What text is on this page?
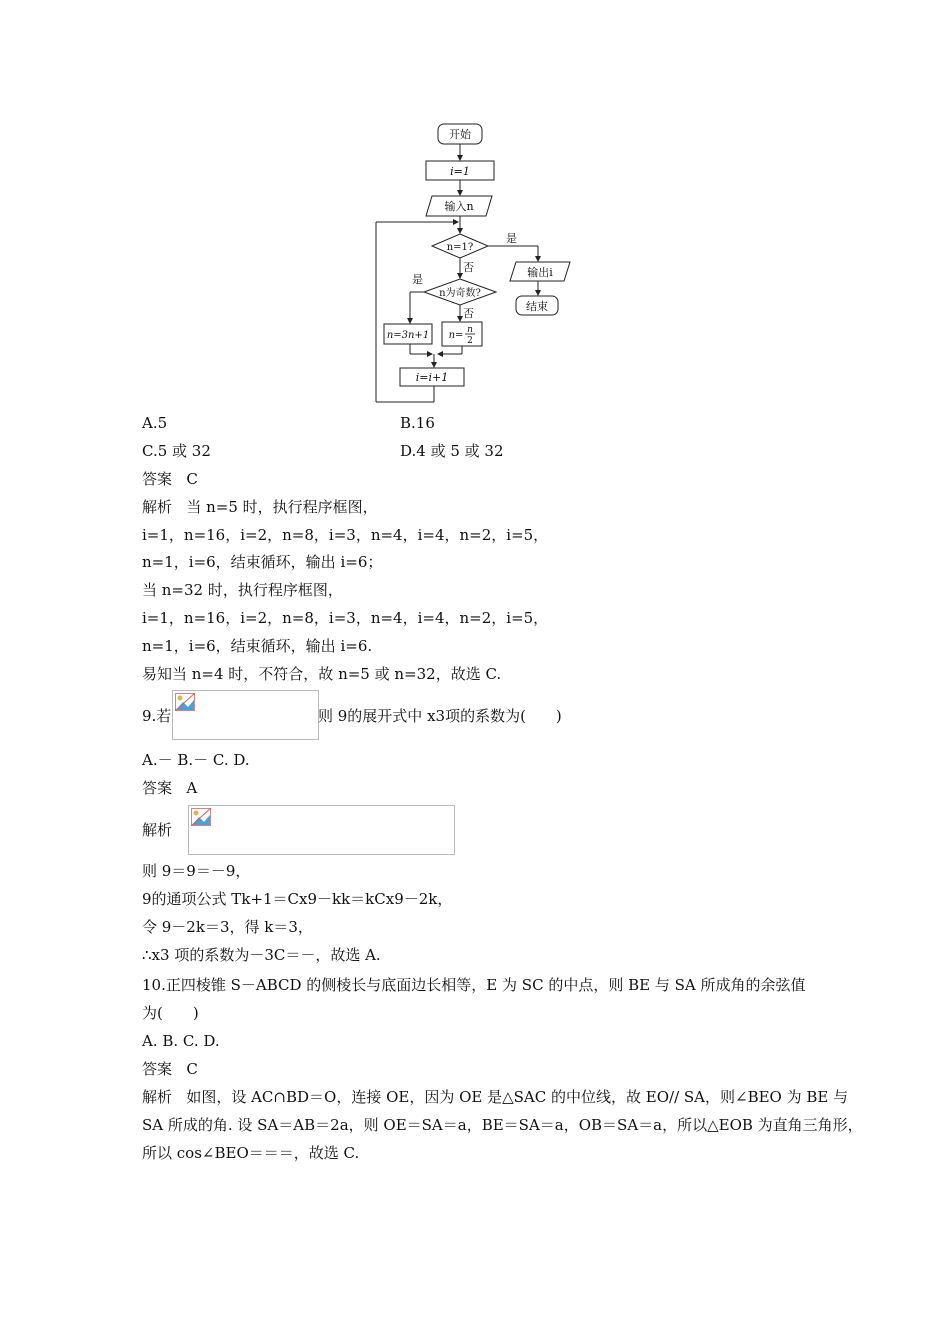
开始
i=1
输入n
n=1?
是
否	输出i
结束
n为奇数?
是
否
n=3n+1 n= n
2
i=i+1
A.5	B.16
C.5 或 32	D.4 或 5 或 32
答案 C
解析 当 n=5 时，执行程序框图，
i=1，n=16，i=2，n=8，i=3，n=4，i=4，n=2，i=5，
n=1，i=6，结束循环，输出 i=6；
当 n=32 时，执行程序框图，
i=1，n=16，i=2，n=8，i=3，n=4，i=4，n=2，i=5，
n=1，i=6，结束循环，输出 i=6.
易知当 n=4 时，不符合，故 n=5 或 n=32，故选 C.
9.若	则 9的展开式中 x3项的系数为(　　)
A.－ B.－ C. D.
答案 A
解析
则 9＝9＝－9，
9的通项公式 Tk+1＝Cx9－kk＝kCx9－2k，
令 9－2k＝3，得 k＝3，
∴x3 项的系数为－3C＝－，故选 A.
10.正四棱锥 S－ABCD 的侧棱长与底面边长相等，E 为 SC 的中点，则 BE 与 SA 所成角的余弦值
为(　　)
A. B. C. D.
答案 C
解析 如图，设 AC∩BD＝O，连接 OE，因为 OE 是△SAC 的中位线，故 EO// SA，则∠BEO 为 BE 与
SA 所成的角. 设 SA＝AB＝2a，则 OE＝SA＝a，BE＝SA＝a，OB＝SA＝a，所以△EOB 为直角三角形，
所以 cos∠BEO＝＝＝，故选 C.
